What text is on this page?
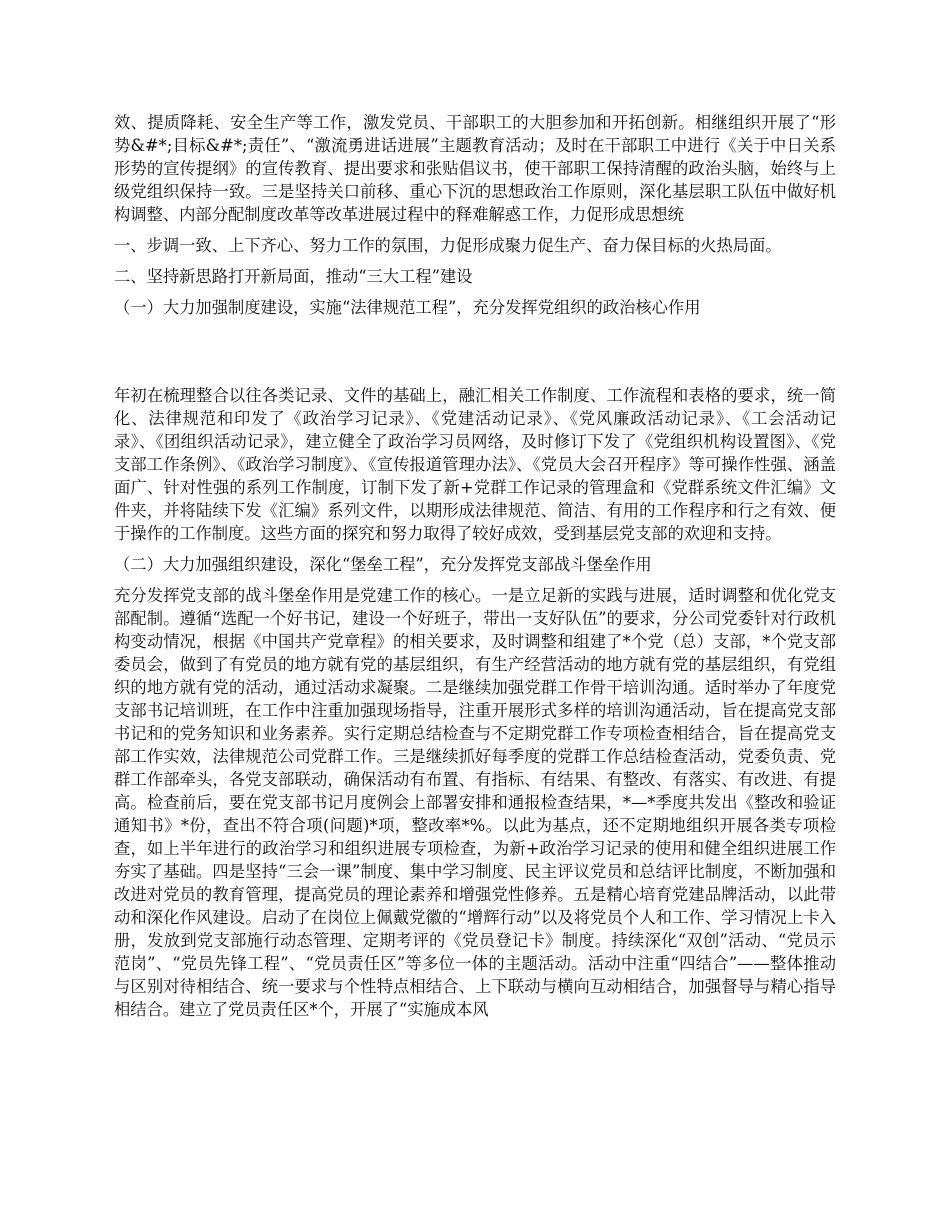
效、提质降耗、安全生产等工作，激发党员、干部职工的大胆参加和开拓创新。相继组织开展了“形势&#*;目标&#*;责任”、“激流勇进话进展”主题教育活动；及时在干部职工中进行《关于中日关系形势的宣传提纲》的宣传教育、提出要求和张贴倡议书，使干部职工保持清醒的政治头脑，始终与上级党组织保持一致。三是坚持关口前移、重心下沉的思想政治工作原则，深化基层职工队伍中做好机构调整、内部分配制度改革等改革进展过程中的释难解惑工作，力促形成思想统

一、步调一致、上下齐心、努力工作的氛围，力促形成聚力促生产、奋力保目标的火热局面。

二、坚持新思路打开新局面，推动“三大工程”建设

（一）大力加强制度建设，实施“法律规范工程”，充分发挥党组织的政治核心作用

年初在梳理整合以往各类记录、文件的基础上，融汇相关工作制度、工作流程和表格的要求，统一简化、法律规范和印发了《政治学习记录》、《党建活动记录》、《党风廉政活动记录》、《工会活动记录》、《团组织活动记录》，建立健全了政治学习员网络，及时修订下发了《党组织机构设置图》、《党支部工作条例》、《政治学习制度》、《宣传报道管理办法》、《党员大会召开程序》等可操作性强、涵盖面广、针对性强的系列工作制度，订制下发了新+党群工作记录的管理盒和《党群系统文件汇编》文件夹，并将陆续下发《汇编》系列文件，以期形成法律规范、简洁、有用的工作程序和行之有效、便于操作的工作制度。这些方面的探究和努力取得了较好成效，受到基层党支部的欢迎和支持。

（二）大力加强组织建设，深化“堡垒工程”，充分发挥党支部战斗堡垒作用

充分发挥党支部的战斗堡垒作用是党建工作的核心。一是立足新的实践与进展，适时调整和优化党支部配制。遵循“选配一个好书记，建设一个好班子，带出一支好队伍”的要求，分公司党委针对行政机构变动情况，根据《中国共产党章程》的相关要求，及时调整和组建了*个党（总）支部，*个党支部委员会，做到了有党员的地方就有党的基层组织，有生产经营活动的地方就有党的基层组织，有党组织的地方就有党的活动，通过活动求凝聚。二是继续加强党群工作骨干培训沟通。适时举办了年度党支部书记培训班，在工作中注重加强现场指导，注重开展形式多样的培训沟通活动，旨在提高党支部书记和的党务知识和业务素养。实行定期总结检查与不定期党群工作专项检查相结合，旨在提高党支部工作实效，法律规范公司党群工作。三是继续抓好每季度的党群工作总结检查活动，党委负责、党群工作部牵头，各党支部联动，确保活动有布置、有指标、有结果、有整改、有落实、有改进、有提高。检查前后，要在党支部书记月度例会上部署安排和通报检查结果，*—*季度共发出《整改和验证通知书》*份，查出不符合项(问题)*项，整改率*%。以此为基点，还不定期地组织开展各类专项检查，如上半年进行的政治学习和组织进展专项检查，为新+政治学习记录的使用和健全组织进展工作夯实了基础。四是坚持“三会一课”制度、集中学习制度、民主评议党员和总结评比制度，不断加强和改进对党员的教育管理，提高党员的理论素养和增强党性修养。五是精心培育党建品牌活动，以此带动和深化作风建设。启动了在岗位上佩戴党徽的“增辉行动”以及将党员个人和工作、学习情况上卡入册，发放到党支部施行动态管理、定期考评的《党员登记卡》制度。持续深化“双创”活动、“党员示范岗”、“党员先锋工程”、“党员责任区”等多位一体的主题活动。活动中注重“四结合”——整体推动与区别对待相结合、统一要求与个性特点相结合、上下联动与横向互动相结合，加强督导与精心指导相结合。建立了党员责任区*个，开展了“实施成本风
